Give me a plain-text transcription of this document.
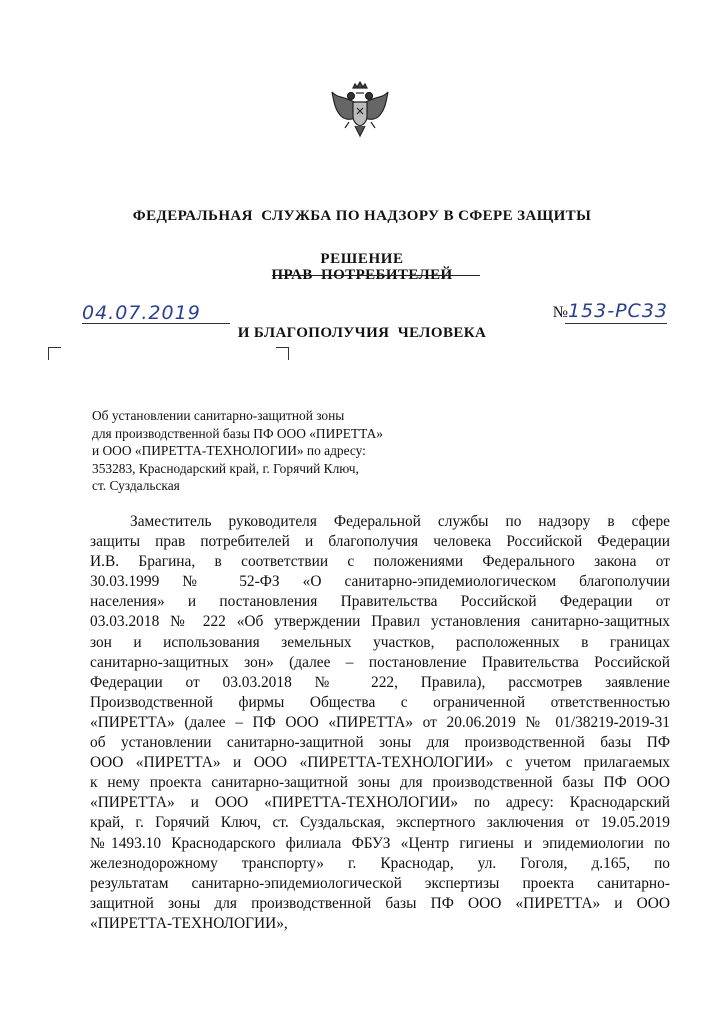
ФЕДЕРАЛЬНАЯ  СЛУЖБА ПО НАДЗОРУ В СФЕРЕ ЗАЩИТЫ

ПРАВ  ПОТРЕБИТЕЛЕЙ

И БЛАГОПОЛУЧИЯ  ЧЕЛОВЕКА

РЕШЕНИЕ
04.07.2019	№153-РС33
Об установлении санитарно-защитной зоны
для производственной базы ПФ ООО «ПИРЕТТА»
и ООО «ПИРЕТТА-ТЕХНОЛОГИИ» по адресу:
353283, Краснодарский край, г. Горячий Ключ,
ст. Суздальская
Заместитель руководителя Федеральной службы по надзору в сфере
защиты прав потребителей и благополучия человека Российской Федерации
И.В. Брагина, в соответствии с положениями Федерального закона от
30.03.1999 № 52-ФЗ «О санитарно-эпидемиологическом благополучии
населения» и постановления Правительства Российской Федерации от
03.03.2018 № 222 «Об утверждении Правил установления санитарно-защитных
зон и использования земельных участков, расположенных в границах
санитарно-защитных зон» (далее – постановление Правительства Российской
Федерации от 03.03.2018 № 222, Правила), рассмотрев заявление
Производственной фирмы Общества с ограниченной ответственностью
«ПИРЕТТА» (далее – ПФ ООО «ПИРЕТТА» от 20.06.2019 № 01/38219-2019-31
об установлении санитарно-защитной зоны для производственной базы ПФ
ООО «ПИРЕТТА» и ООО «ПИРЕТТА-ТЕХНОЛОГИИ» с учетом прилагаемых
к нему проекта санитарно-защитной зоны для производственной базы ПФ ООО
«ПИРЕТТА» и ООО «ПИРЕТТА-ТЕХНОЛОГИИ» по адресу: Краснодарский
край, г. Горячий Ключ, ст. Суздальская, экспертного заключения от 19.05.2019
№1493.10 Краснодарского филиала ФБУЗ «Центр гигиены и эпидемиологии по
железнодорожному транспорту» г. Краснодар, ул. Гоголя, д.165, по
результатам санитарно-эпидемиологической экспертизы проекта санитарно-
защитной зоны для производственной базы ПФ ООО «ПИРЕТТА» и ООО
«ПИРЕТТА-ТЕХНОЛОГИИ»,
